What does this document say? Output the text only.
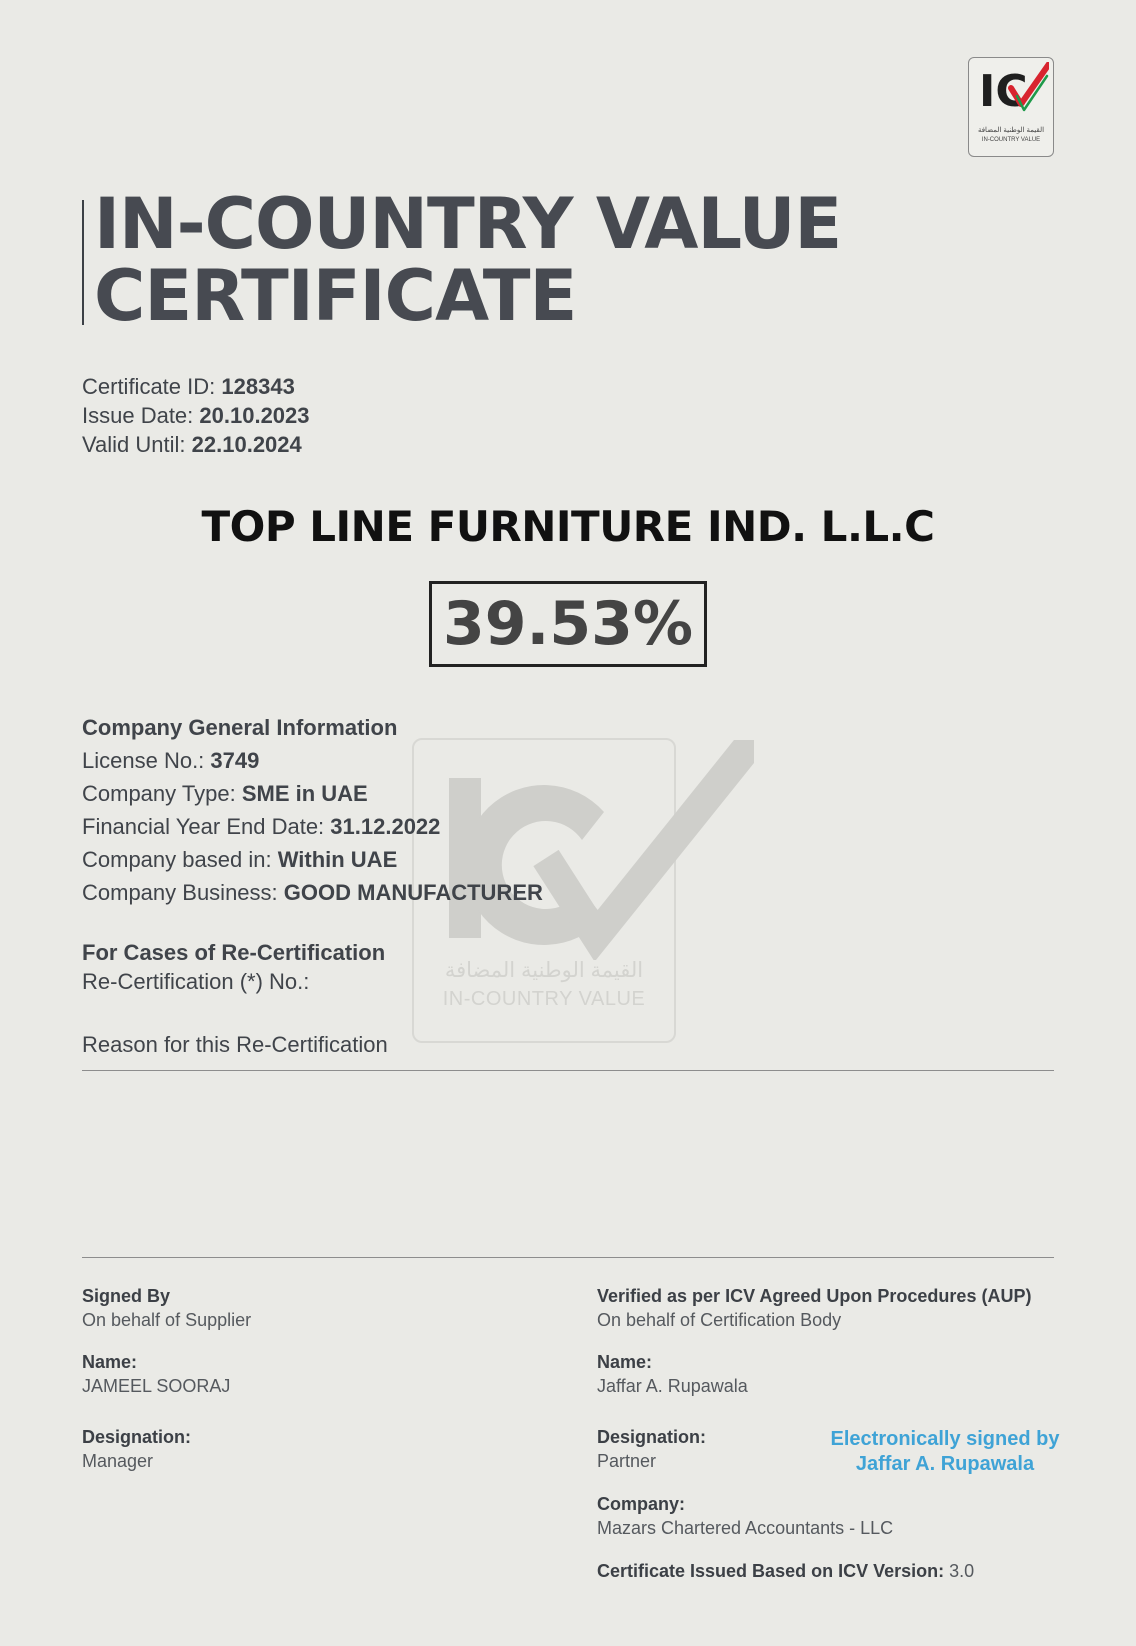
IC
القيمة الوطنية المضافة
IN-COUNTRY VALUE
IN-COUNTRY VALUE
CERTIFICATE
Certificate ID: 128343
Issue Date: 20.10.2023
Valid Until: 22.10.2024
TOP LINE FURNITURE IND. L.L.C
39.53%
القيمة الوطنية المضافة
IN-COUNTRY VALUE
Company General Information
License No.: 3749
Company Type: SME in UAE
Financial Year End Date: 31.12.2022
Company based in: Within UAE
Company Business: GOOD MANUFACTURER
For Cases of Re-Certification
Re-Certification (*) No.:
Reason for this Re-Certification
Signed By
On behalf of Supplier
Name:
JAMEEL SOORAJ
Designation:
Manager
Verified as per ICV Agreed Upon Procedures (AUP)
On behalf of Certification Body
Name:
Jaffar A. Rupawala
Designation:
Partner
Company:
Mazars Chartered Accountants - LLC
Certificate Issued Based on ICV Version: 3.0
Electronically signed by
Jaffar A. Rupawala
